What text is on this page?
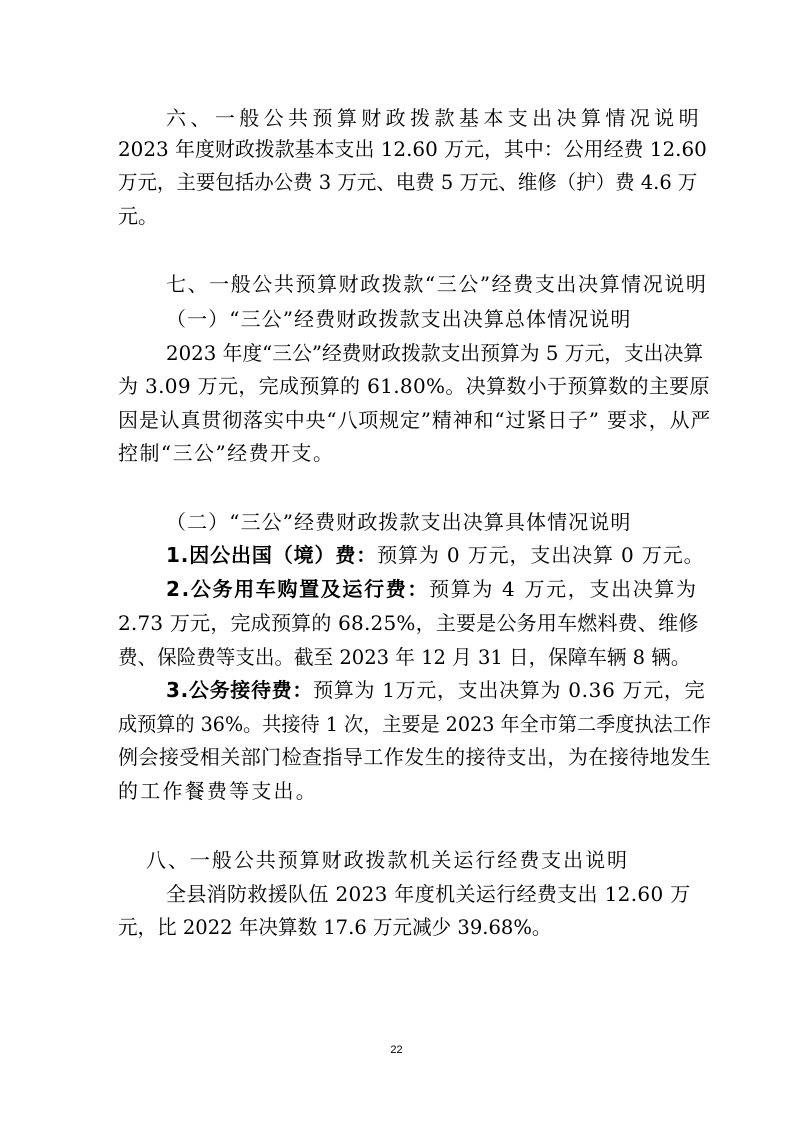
六、一般公共预算财政拨款基本支出决算情况说明

2023 年度财政拨款基本支出 12.60 万元，其中：公用经费 12.60

万元，主要包括办公费 3 万元、电费 5 万元、维修（护）费 4.6 万

元。

七、一般公共预算财政拨款“三公”经费支出决算情况说明

（一）“三公”经费财政拨款支出决算总体情况说明

2023 年度“三公”经费财政拨款支出预算为 5 万元，支出决算

为 3.09 万元，完成预算的 61.80%。决算数小于预算数的主要原

因是认真贯彻落实中央“八项规定”精神和“过紧日子” 要求，从严

控制“三公”经费开支。

（二）“三公”经费财政拨款支出决算具体情况说明

1.因公出国（境）费：预算为 0 万元，支出决算 0 万元。

2.公务用车购置及运行费：预算为 4 万元，支出决算为

2.73 万元，完成预算的 68.25%，主要是公务用车燃料费、维修

费、保险费等支出。截至 2023 年 12 月 31 日，保障车辆 8 辆。

3.公务接待费：预算为 1万元，支出决算为 0.36 万元，完

成预算的 36%。共接待 1 次，主要是 2023 年全市第二季度执法工作

例会接受相关部门检查指导工作发生的接待支出，为在接待地发生

的工作餐费等支出。

八、一般公共预算财政拨款机关运行经费支出说明

全县消防救援队伍 2023 年度机关运行经费支出 12.60 万

元，比 2022 年决算数 17.6 万元减少 39.68%。

22
